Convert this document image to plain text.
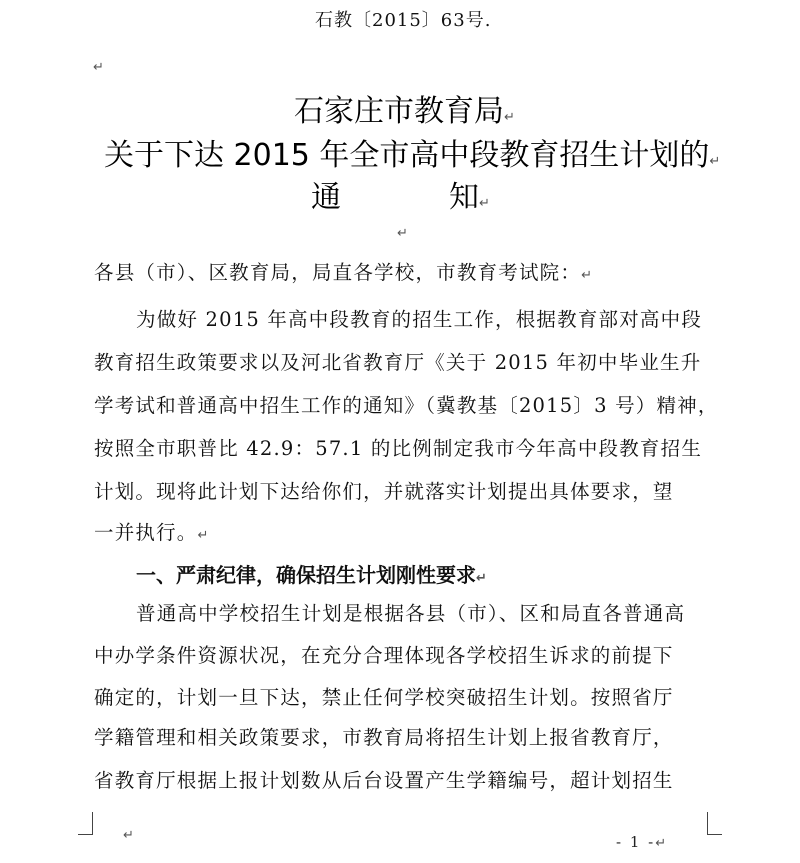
石教〔2015〕63号.
↵
石家庄市教育局↵
关于下达 2015 年全市高中段教育招生计划的↵
通	知↵
↵
各县（市）、区教育局，局直各学校，市教育考试院：↵
为做好 2015 年高中段教育的招生工作，根据教育部对高中段
教育招生政策要求以及河北省教育厅《关于 2015 年初中毕业生升
学考试和普通高中招生工作的通知》（冀教基〔2015〕3 号）精神，
按照全市职普比 42.9：57.1 的比例制定我市今年高中段教育招生
计划。现将此计划下达给你们，并就落实计划提出具体要求，望
一并执行。↵
一、严肃纪律，确保招生计划刚性要求↵
普通高中学校招生计划是根据各县（市）、区和局直各普通高
中办学条件资源状况，在充分合理体现各学校招生诉求的前提下
确定的，计划一旦下达，禁止任何学校突破招生计划。按照省厅
学籍管理和相关政策要求，市教育局将招生计划上报省教育厅，
省教育厅根据上报计划数从后台设置产生学籍编号，超计划招生
↵	- 1 -↵
